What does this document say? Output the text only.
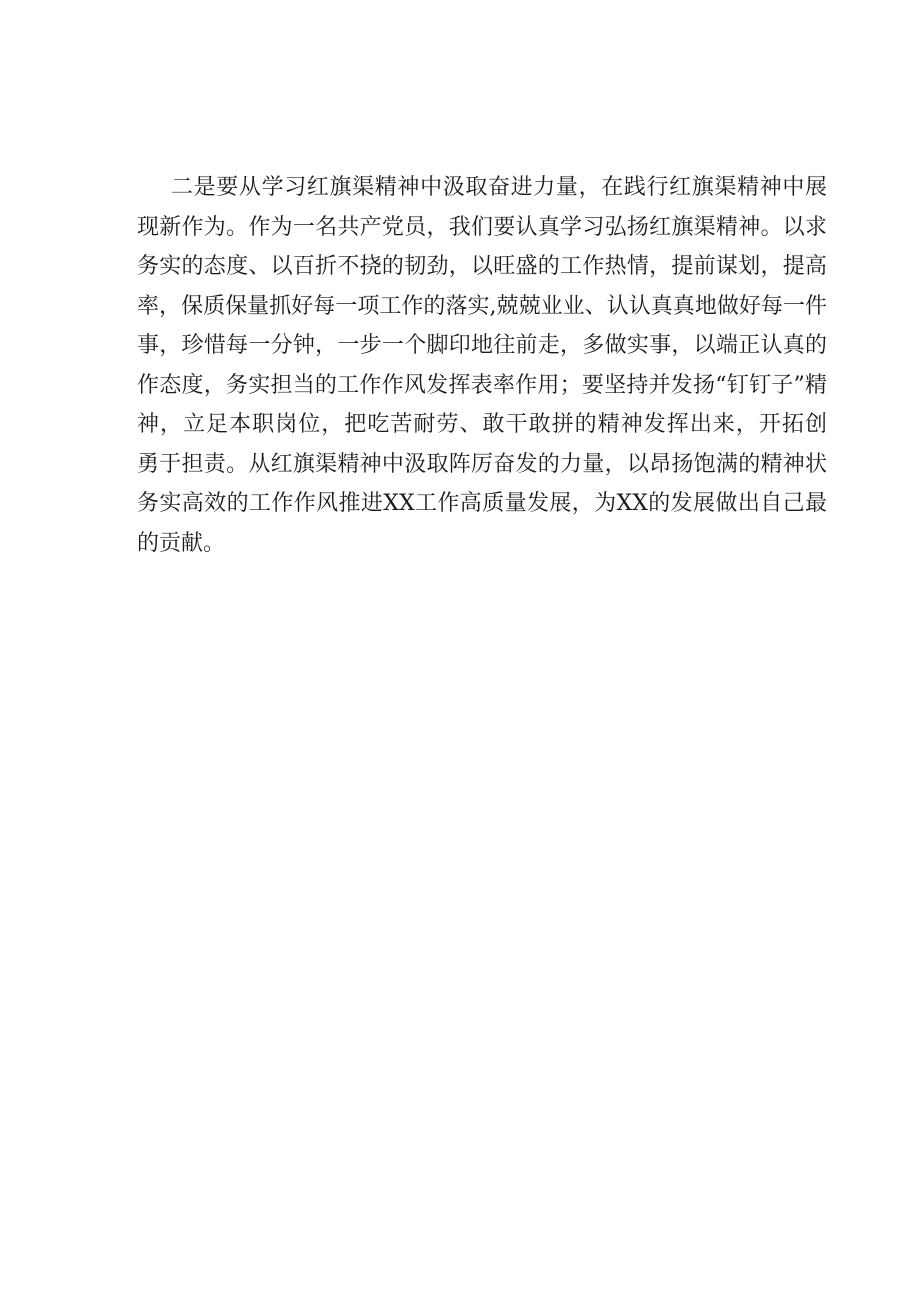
二是要从学习红旗渠精神中汲取奋进力量，在践行红旗渠精神中展
现新作为。作为一名共产党员，我们要认真学习弘扬红旗渠精神。以求
务实的态度、以百折不挠的韧劲，以旺盛的工作热情，提前谋划，提高
率，保质保量抓好每一项工作的落实,兢兢业业、认认真真地做好每一件
事，珍惜每一分钟，一步一个脚印地往前走，多做实事，以端正认真的
作态度，务实担当的工作作风发挥表率作用；要坚持并发扬“钉钉子”精
神，立足本职岗位，把吃苦耐劳、敢干敢拼的精神发挥出来，开拓创
勇于担责。从红旗渠精神中汲取阵厉奋发的力量，以昂扬饱满的精神状
务实高效的工作作风推进XX工作高质量发展，为XX的发展做出自己最
的贡献。
